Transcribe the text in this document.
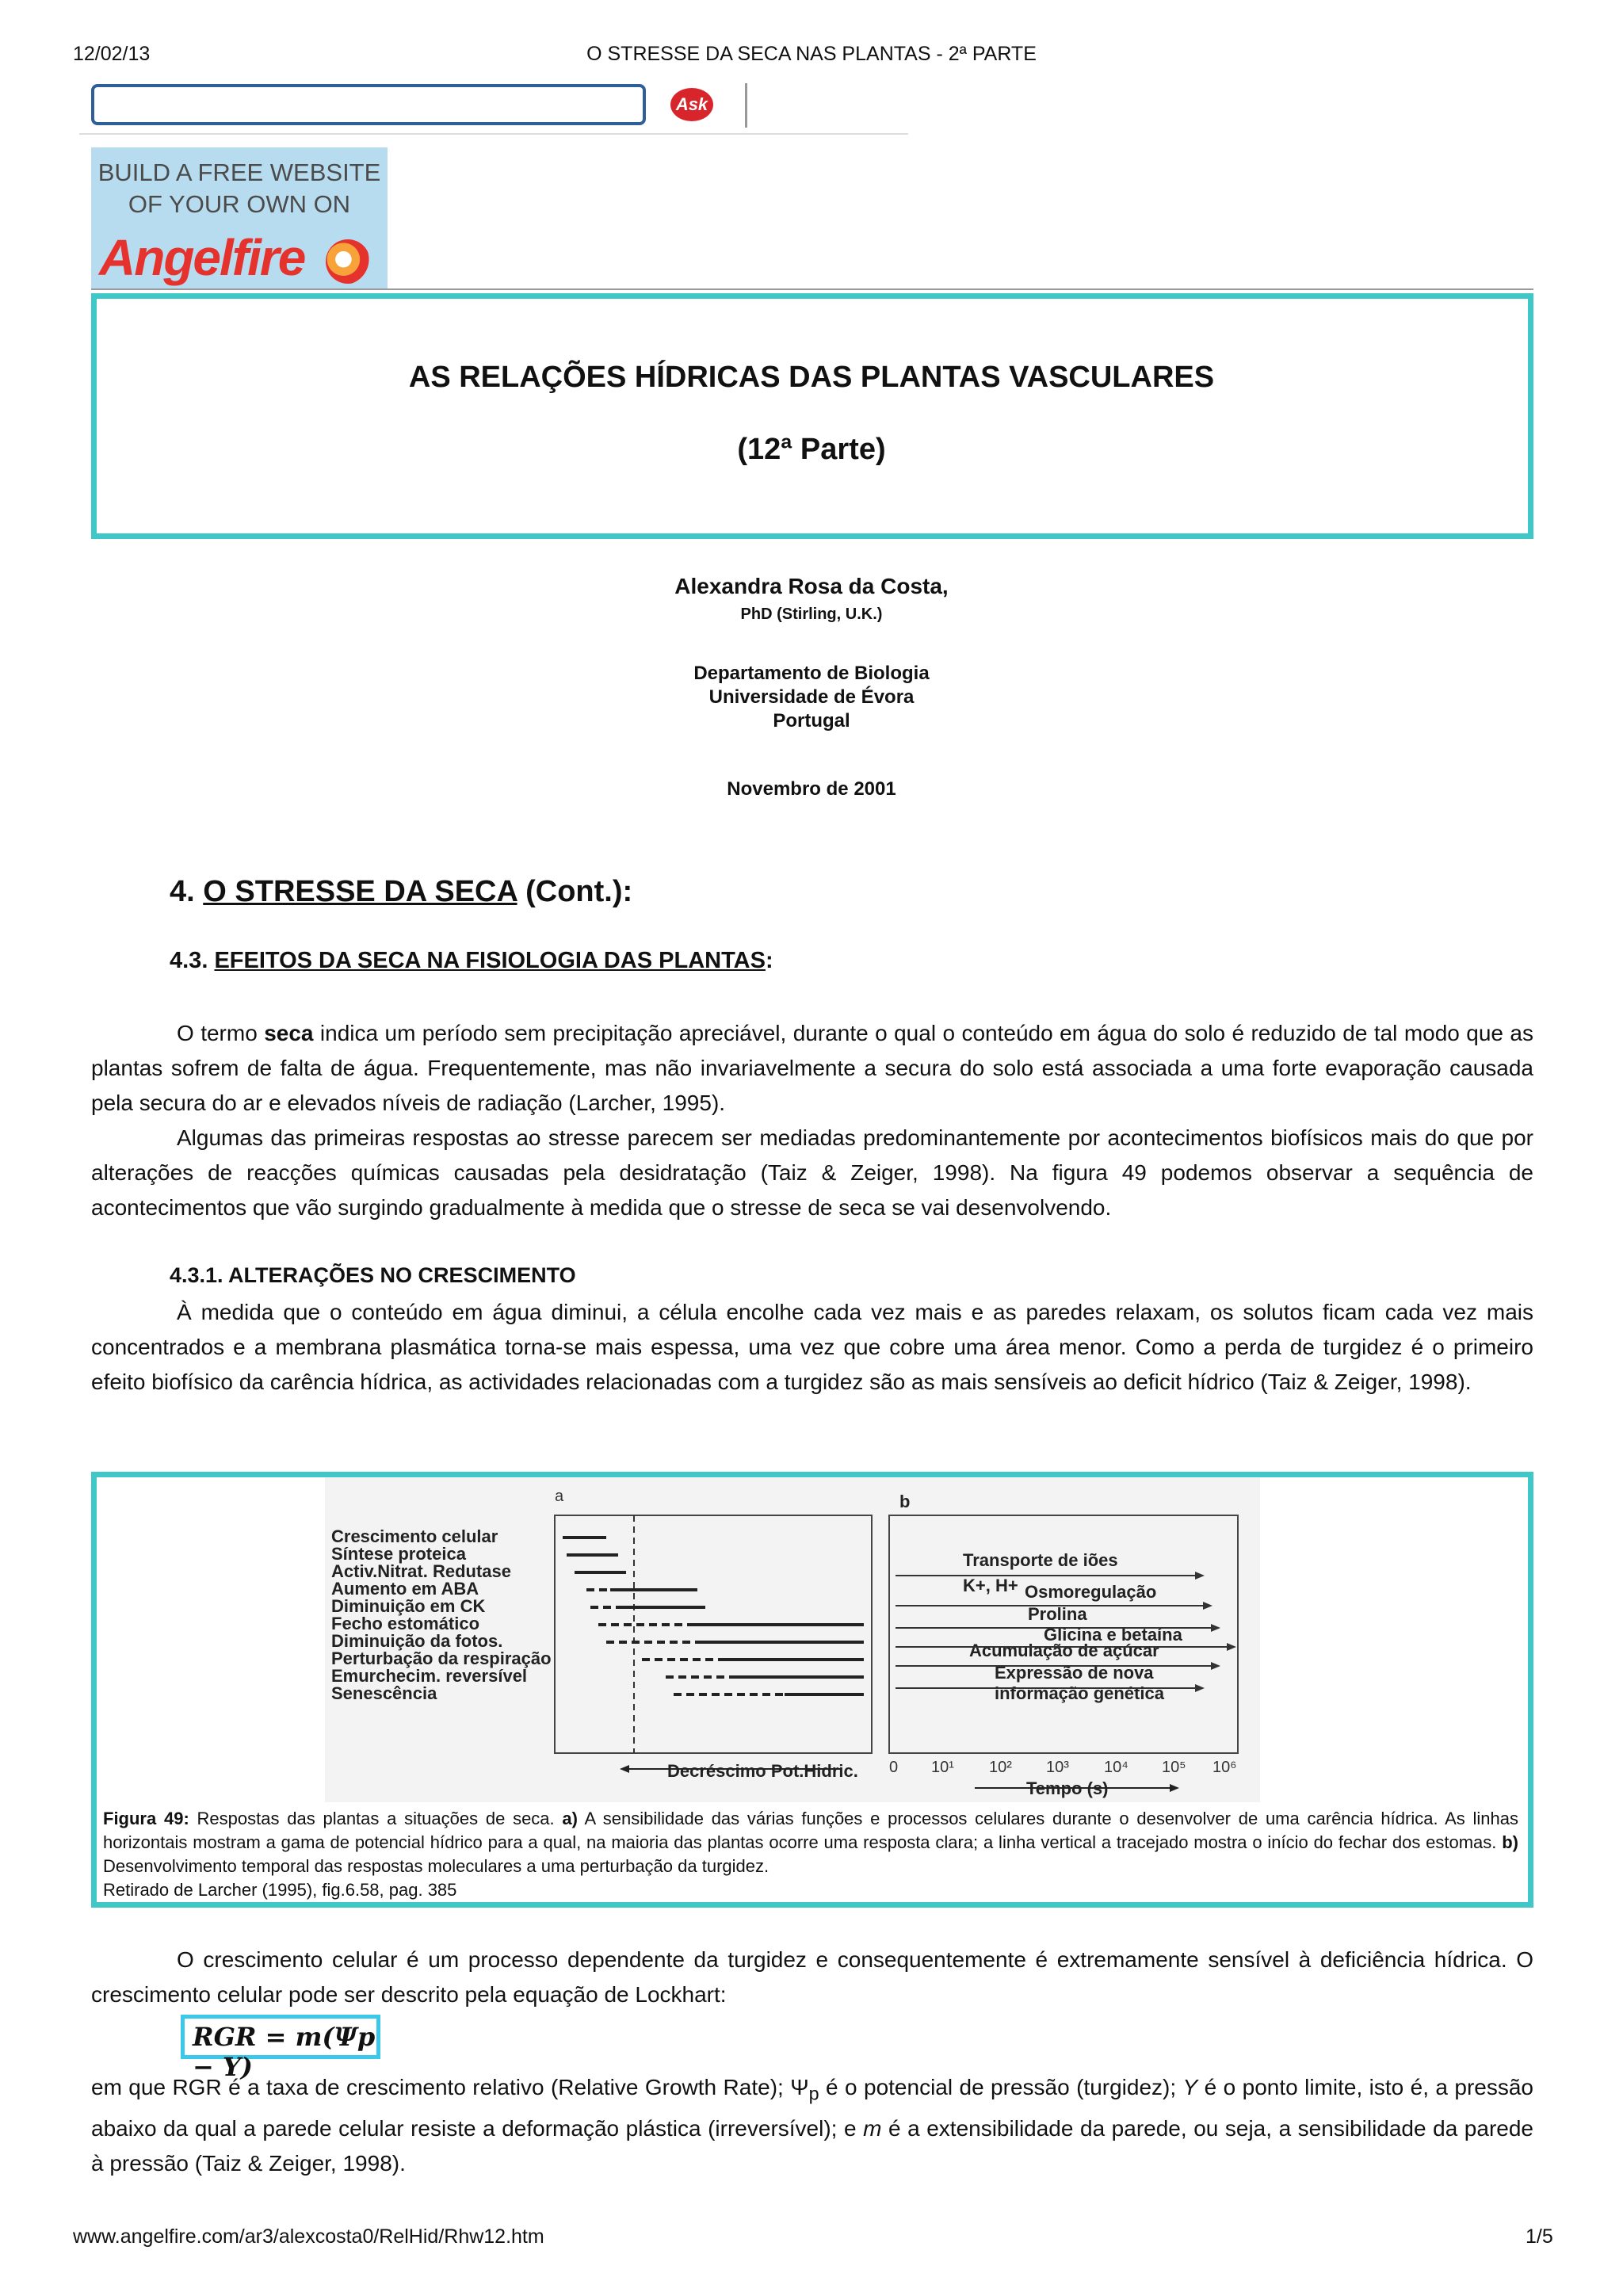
12/02/13	O STRESSE DA SECA NAS PLANTAS - 2ª PARTE
Ask
BUILD A FREE WEBSITE
OF YOUR OWN ON
Angelfire
AS RELAÇÕES HÍDRICAS DAS PLANTAS VASCULARES
(12ª Parte)
Alexandra Rosa da Costa,
PhD (Stirling, U.K.)
Departamento de Biologia
Universidade de Évora
Portugal
Novembro de 2001
4. O STRESSE DA SECA (Cont.):
4.3. EFEITOS DA SECA NA FISIOLOGIA DAS PLANTAS:

O termo seca indica um período sem precipitação apreciável, durante o qual o conteúdo em água do solo é reduzido de tal modo que as plantas sofrem de falta de água. Frequentemente, mas não invariavelmente a secura do solo está associada a uma forte evaporação causada pela secura do ar e elevados níveis de radiação (Larcher, 1995).

Algumas das primeiras respostas ao stresse parecem ser mediadas predominantemente por acontecimentos biofísicos mais do que por alterações de reacções químicas causadas pela desidratação (Taiz & Zeiger, 1998). Na figura 49 podemos observar a sequência de acontecimentos que vão surgindo gradualmente à medida que o stresse de seca se vai desenvolvendo.

4.3.1. ALTERAÇÕES NO CRESCIMENTO

À medida que o conteúdo em água diminui, a célula encolhe cada vez mais e as paredes relaxam, os solutos ficam cada vez mais concentrados e a membrana plasmática torna-se mais espessa, uma vez que cobre uma área menor. Como a perda de turgidez é o primeiro efeito biofísico da carência hídrica, as actividades relacionadas com a turgidez são as mais sensíveis ao deficit hídrico (Taiz & Zeiger, 1998).

a
Crescimento celular
Síntese proteica
Activ.Nitrat. Redutase
Aumento em ABA
Diminuição em CK
Fecho estomático
Diminuição da fotos.
Perturbação da respiração
Emurchecim. reversível
Senescência
Decréscimo Pot.Hidric.
b
Transporte de iões
K+, H+ Osmoregulação
Prolina
Glicina e betaína
Acumulação de açúcar
Expressão de nova
informação genética
0 10¹ 10² 10³ 10⁴ 10⁵ 10⁶
Tempo (s)
Figura 49: Respostas das plantas a situações de seca. a) A sensibilidade das várias funções e processos celulares durante o desenvolver de uma carência hídrica. As linhas horizontais mostram a gama de potencial hídrico para a qual, na maioria das plantas ocorre uma resposta clara; a linha vertical a tracejado mostra o início do fechar dos estomas. b) Desenvolvimento temporal das respostas moleculares a uma perturbação da turgidez.
Retirado de Larcher (1995), fig.6.58, pag. 385

O crescimento celular é um processo dependente da turgidez e consequentemente é extremamente sensível à deficiência hídrica. O crescimento celular pode ser descrito pela equação de Lockhart:

RGR = m(Ψp − Y)

em que RGR é a taxa de crescimento relativo (Relative Growth Rate); $\Psi_p$ é o potencial de pressão (turgidez); Y é o ponto limite, isto é, a pressão abaixo da qual a parede celular resiste a deformação plástica (irreversível); e m é a extensibilidade da parede, ou seja, a sensibilidade da parede à pressão (Taiz & Zeiger, 1998).

www.angelfire.com/ar3/alexcosta0/RelHid/Rhw12.htm	1/5
